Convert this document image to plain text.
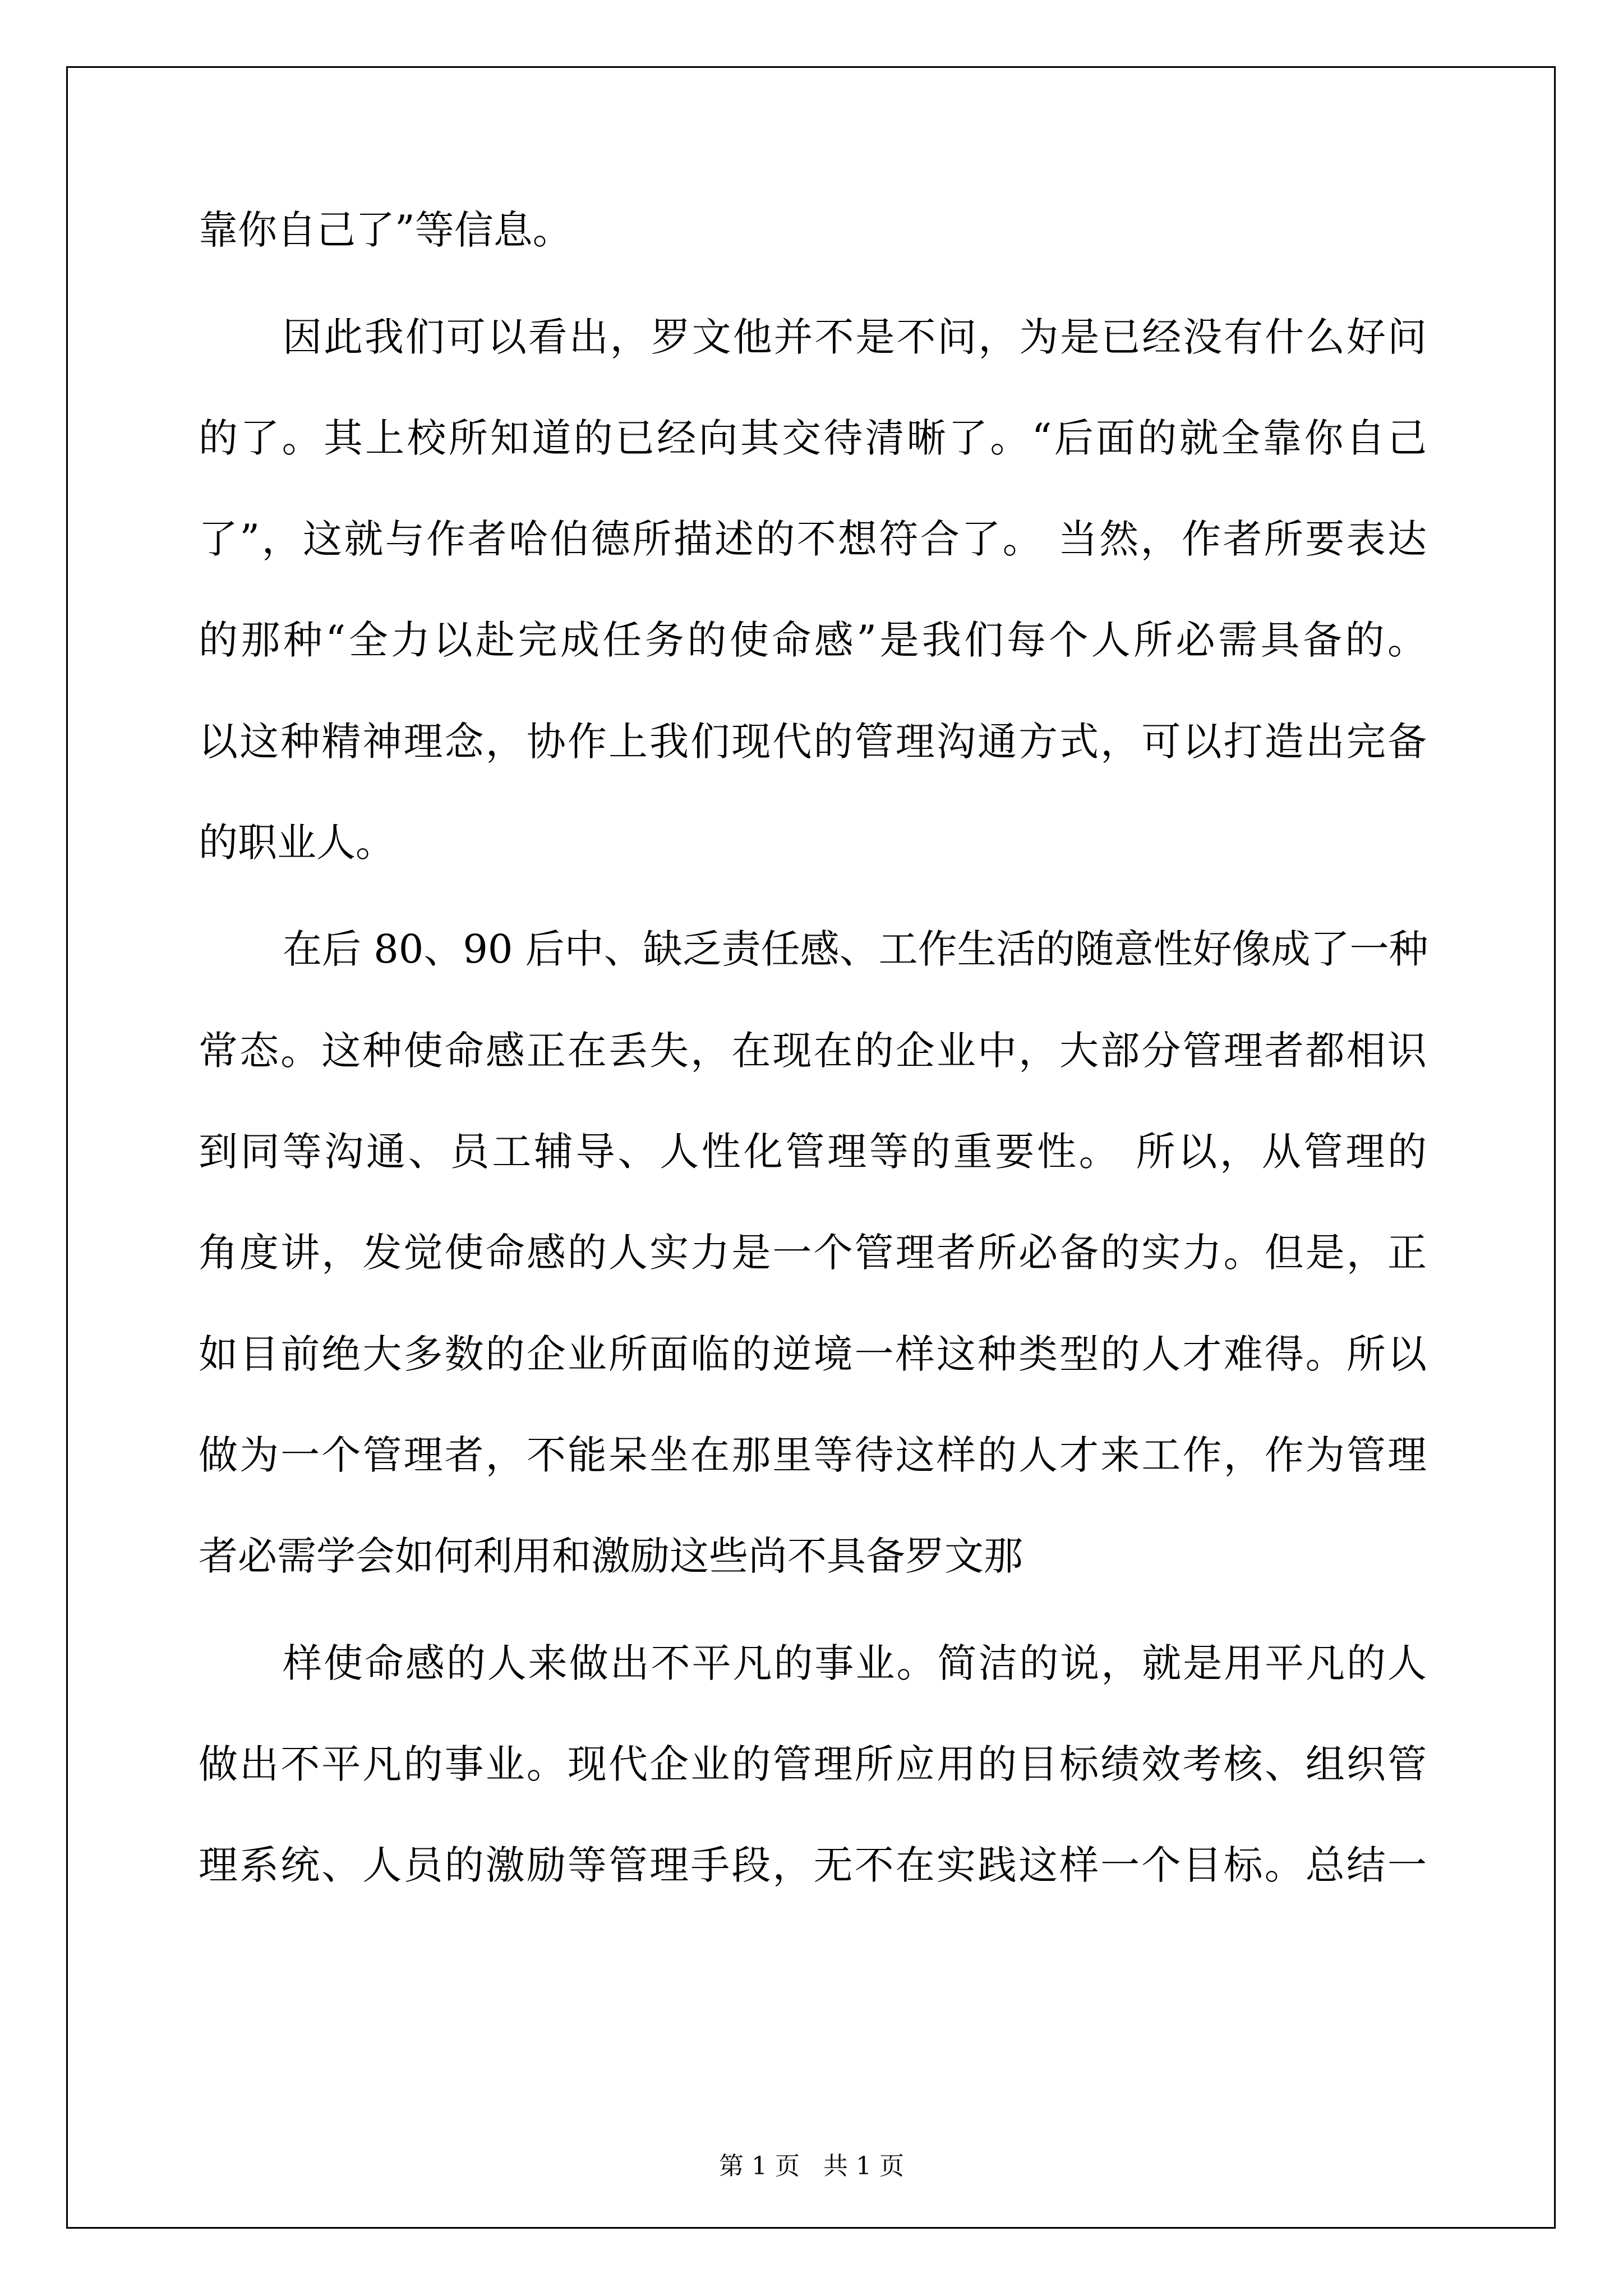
靠你自己了”等信息。
因此我们可以看出，罗文他并不是不问，为是已经没有什么好问
的了。其上校所知道的已经向其交待清晰了。“后面的就全靠你自己
了”，这就与作者哈伯德所描述的不想符合了。 当然，作者所要表达
的那种“全力以赴完成任务的使命感”是我们每个人所必需具备的。
以这种精神理念，协作上我们现代的管理沟通方式，可以打造出完备
的职业人。
在后 80、90 后中、缺乏责任感、工作生活的随意性好像成了一种
常态。这种使命感正在丢失，在现在的企业中，大部分管理者都相识
到同等沟通、员工辅导、人性化管理等的重要性。 所以，从管理的
角度讲，发觉使命感的人实力是一个管理者所必备的实力。但是，正
如目前绝大多数的企业所面临的逆境一样这种类型的人才难得。所以
做为一个管理者，不能呆坐在那里等待这样的人才来工作，作为管理
者必需学会如何利用和激励这些尚不具备罗文那
样使命感的人来做出不平凡的事业。简洁的说，就是用平凡的人
做出不平凡的事业。现代企业的管理所应用的目标绩效考核、组织管
理系统、人员的激励等管理手段，无不在实践这样一个目标。总结一
第 1 页   共 1 页
